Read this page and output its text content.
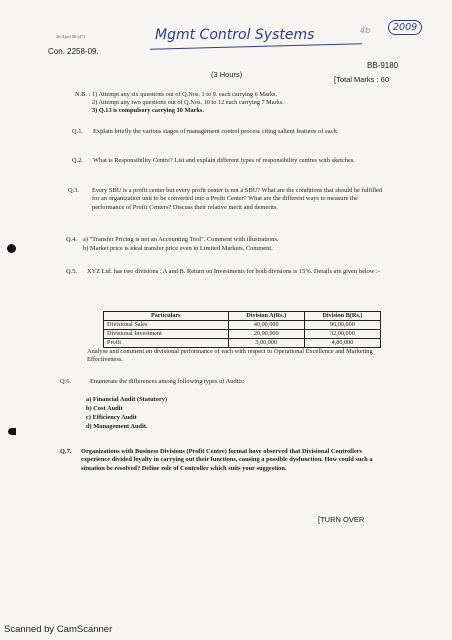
26 April 08 (47)	Mgmt Control Systems	4b	2009
Con. 2258-09.
BB-9180
(3 Hours)
[Total Marks : 60
N.B. : 1) Attempt any six questions out of Q.Nos. 1 to 9. each carrying 6 Marks.
2) Attempt any two questions out of Q.Nos. 10 to 12 each carrying 7 Marks.
3) Q.13 is compulsory carrying 10 Marks.
Q.1. Explain briefly the various stages of management control process citing salient features of each.
Q.2. What is Responsibility Centre? List and explain different types of responsibility centres with sketches.
Q.3. Every SBU is a profit center but every profit center is not a SBU? What are the conditions that should be fulfilled for an organization unit to be converted into a Profit Center? What are the different ways to measure the performance of Profit Centers? Discuss their relative merit and demerits.
Q.4. a) "Transfer Pricing is not an Accounting Tool". Comment with illustrations.
b) Market price is ideal transfer price even in Limited Markets. Comment.
Q.5. XYZ Ltd. has two divisions : A and B. Return on Investments for both divisions is 15%. Details are given below :-
Particulars	Division A(Rs.)	Division B(Rs.)
Divisional Sales	40,00,000	96,00,000
Divisional Investment	20,00,000	32,00,000
Profit	3,00,000	4,80,000
Analyse and comment on divisional performance of each with respect to Operational Excellence and Marketing Effectiveness.
Q.6.	Enumerate the differences among following types of Audits:
a) Financial Audit (Statutory)
b) Cost Audit
c) Efficiency Audit
d) Management Audit.
Q.7. Organizations with Business Divisions (Profit Centre) format have observed that Divisional Controllers experience divided loyalty in carrying out their functions, causing a possible dysfunction. How could such a situation be resolved? Define role of Controller which suits your suggestion.
[TURN OVER
Scanned by CamScanner
